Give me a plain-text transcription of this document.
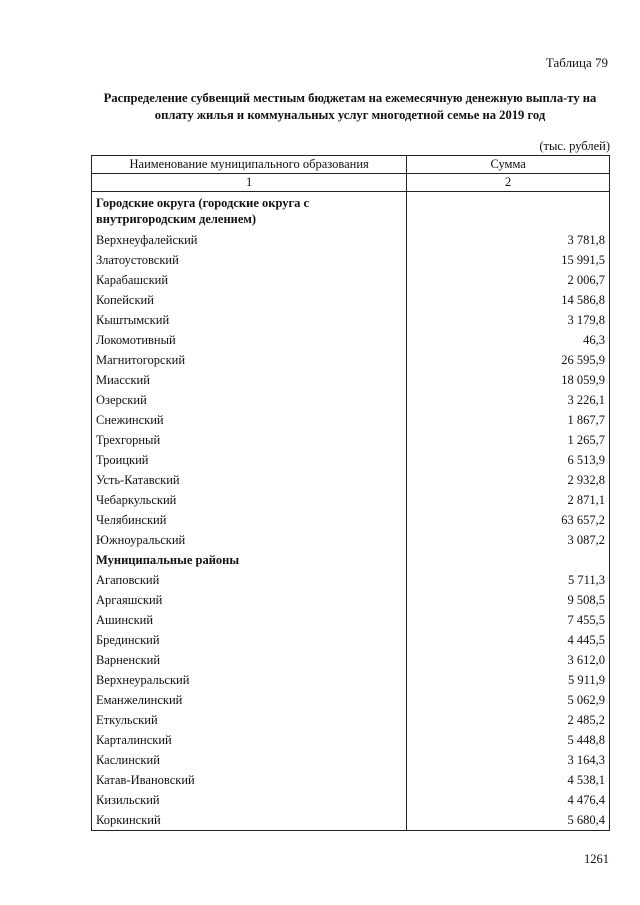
Таблица 79
Распределение субвенций местным бюджетам на ежемесячную денежную выпла-ту на оплату жилья и коммунальных услуг многодетной семье на 2019 год
(тыс. рублей)
Наименование муниципального образования	Сумма
1	2
Городские округа (городские округа с внутригородским делением)	
Верхнеуфалейский	3 781,8
Златоустовский	15 991,5
Карабашский	2 006,7
Копейский	14 586,8
Кыштымский	3 179,8
Локомотивный	46,3
Магнитогорский	26 595,9
Миасский	18 059,9
Озерский	3 226,1
Снежинский	1 867,7
Трехгорный	1 265,7
Троицкий	6 513,9
Усть-Катавский	2 932,8
Чебаркульский	2 871,1
Челябинский	63 657,2
Южноуральский	3 087,2
Муниципальные районы	
Агаповский	5 711,3
Аргаяшский	9 508,5
Ашинский	7 455,5
Брединский	4 445,5
Варненский	3 612,0
Верхнеуральский	5 911,9
Еманжелинский	5 062,9
Еткульский	2 485,2
Карталинский	5 448,8
Каслинский	3 164,3
Катав-Ивановский	4 538,1
Кизильский	4 476,4
Коркинский	5 680,4
1261
